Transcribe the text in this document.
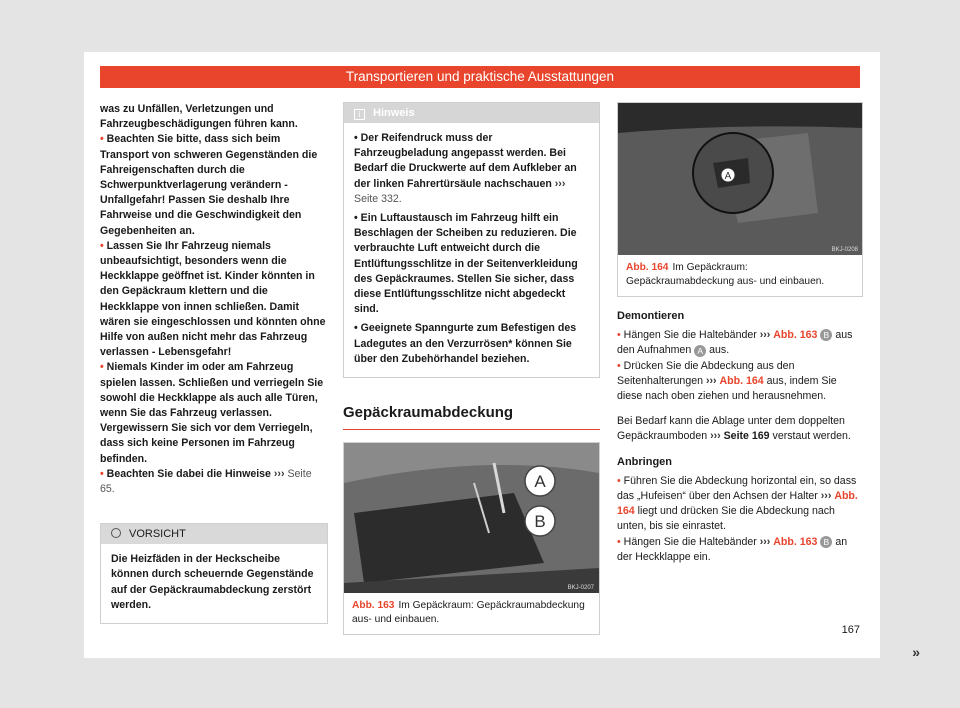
Transportieren und praktische Ausstattungen

was zu Unfällen, Verletzungen und Fahrzeugbeschädigungen führen kann.

• Beachten Sie bitte, dass sich beim Transport von schweren Gegenständen die Fahreigenschaften durch die Schwerpunktverlagerung verändern - Unfallgefahr! Passen Sie deshalb Ihre Fahrweise und die Geschwindigkeit den Gegebenheiten an.

• Lassen Sie Ihr Fahrzeug niemals unbeaufsichtigt, besonders wenn die Heckklappe geöffnet ist. Kinder könnten in den Gepäckraum klettern und die Heckklappe von innen schließen. Damit wären sie eingeschlossen und könnten ohne Hilfe von außen nicht mehr das Fahrzeug verlassen - Lebensgefahr!

• Niemals Kinder im oder am Fahrzeug spielen lassen. Schließen und verriegeln Sie sowohl die Heckklappe als auch alle Türen, wenn Sie das Fahrzeug verlassen. Vergewissern Sie sich vor dem Verriegeln, dass sich keine Personen im Fahrzeug befinden.

• Beachten Sie dabei die Hinweise ››› Seite 65.

VORSICHT

Die Heizfäden in der Heckscheibe können durch scheuernde Gegenstände auf der Gepäckraumabdeckung zerstört werden.

i Hinweis

• Der Reifendruck muss der Fahrzeugbeladung angepasst werden. Bei Bedarf die Druckwerte auf dem Aufkleber an der linken Fahrertürsäule nachschauen ››› Seite 332.

• Ein Luftaustausch im Fahrzeug hilft ein Beschlagen der Scheiben zu reduzieren. Die verbrauchte Luft entweicht durch die Entlüftungsschlitze in der Seitenverkleidung des Gepäckraumes. Stellen Sie sicher, dass diese Entlüftungsschlitze nicht abgedeckt sind.

• Geeignete Spanngurte zum Befestigen des Ladegutes an den Verzurrösen* können Sie über den Zubehörhandel beziehen.

Gepäckraumabdeckung
A
B
BKJ-0207
Abb. 163 Im Gepäckraum: Gepäckraumabdeckung aus- und einbauen.
A
BKJ-0208
Abb. 164 Im Gepäckraum: Gepäckraumabdeckung aus- und einbauen.

Demontieren

• Hängen Sie die Haltebänder ››› Abb. 163 B aus den Aufnahmen A aus.

• Drücken Sie die Abdeckung aus den Seitenhalterungen ››› Abb. 164 aus, indem Sie diese nach oben ziehen und herausnehmen.

Bei Bedarf kann die Ablage unter dem doppelten Gepäckraumboden ››› Seite 169 verstaut werden.

Anbringen

• Führen Sie die Abdeckung horizontal ein, so dass das „Hufeisen“ über den Achsen der Halter ››› Abb. 164 liegt und drücken Sie die Abdeckung nach unten, bis sie einrastet.

• Hängen Sie die Haltebänder ››› Abb. 163 B an der Heckklappe ein.

167
»
